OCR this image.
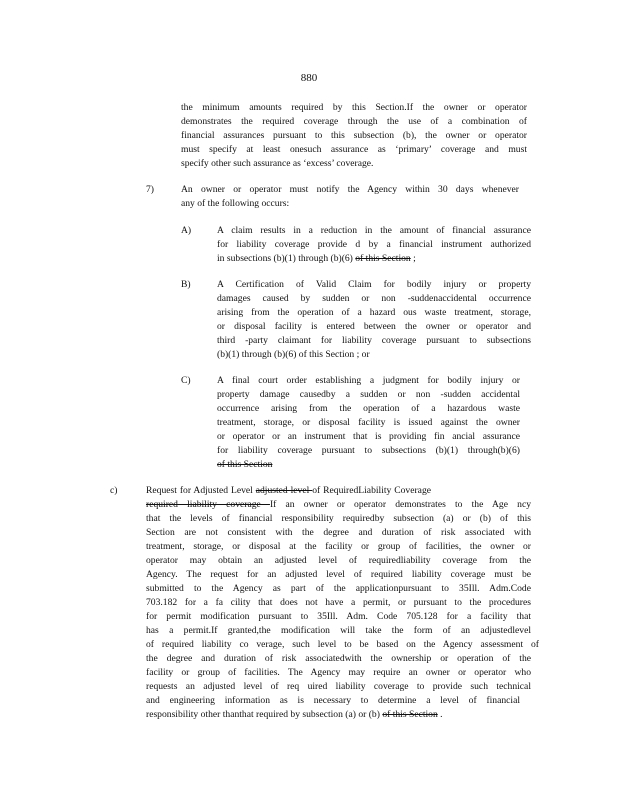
880
the minimum amounts required by this Section.If the owner or operator
demonstrates the required coverage through the use of a combination of
financial assurances pursuant to this subsection (b), the owner or operator
must specify at least onesuch assurance as ‘primary’ coverage and must
specify other such assurance as ‘excess’ coverage.
7)	An owner or operator must notify the Agency within 30 days whenever
any of the following occurs:
A)	A claim results in a reduction in the amount of financial assurance
for liability coverage provide d by a financial instrument authorized
in subsections (b)(1) through (b)(6) of this Section ;
B)	A Certification of Valid Claim for bodily injury or property
damages caused by sudden or non -suddenaccidental occurrence
arising from the operation of a hazard ous waste treatment, storage,
or disposal facility is entered between the owner or operator and
third -party claimant for liability coverage pursuant to subsections
(b)(1) through (b)(6) of this Section ; or
C)	A final court order establishing a judgment for bodily injury or
property damage causedby a sudden or non -sudden accidental
occurrence arising from the operation of a hazardous waste
treatment, storage, or disposal facility is issued against the owner
or operator or an instrument that is providing fin ancial assurance
for liability coverage pursuant to subsections (b)(1) through(b)(6)
of this Section
c)	Request for Adjusted Level adjusted level of RequiredLiability Coverage
required liability coverage If an owner or operator demonstrates to the Age ncy
that the levels of financial responsibility requiredby subsection (a) or (b) of this
Section are not consistent with the degree and duration of risk associated with
treatment, storage, or disposal at the facility or group of facilities, the owner or
operator may obtain an adjusted level of requiredliability coverage from the
Agency. The request for an adjusted level of required liability coverage must be
submitted to the Agency as part of the applicationpursuant to 35Ill. Adm.Code
703.182 for a fa cility that does not have a permit, or pursuant to the procedures
for permit modification pursuant to 35Ill. Adm. Code 705.128 for a facility that
has a permit.If granted,the modification will take the form of an adjustedlevel
of required liability co verage, such level to be based on the Agency assessment of
the degree and duration of risk associatedwith the ownership or operation of the
facility or group of facilities. The Agency may require an owner or operator who
requests an adjusted level of req uired liability coverage to provide such technical
and engineering information as is necessary to determine a level of financial
responsibility other thanthat required by subsection (a) or (b) of this Section .
